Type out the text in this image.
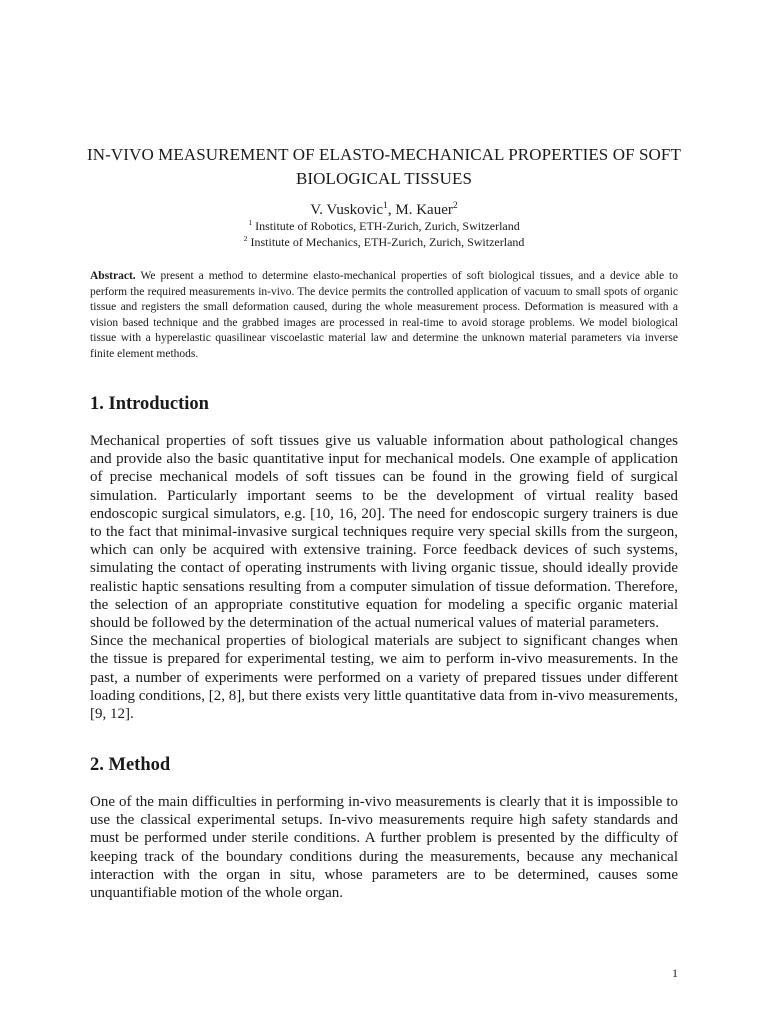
IN-VIVO MEASUREMENT OF ELASTO-MECHANICAL PROPERTIES OF SOFT BIOLOGICAL TISSUES
V. Vuskovic$^1$, M. Kauer$^2$
$^1$ Institute of Robotics, ETH-Zurich, Zurich, Switzerland
$^2$ Institute of Mechanics, ETH-Zurich, Zurich, Switzerland
Abstract. We present a method to determine elasto-mechanical properties of soft biological tissues, and a device able to perform the required measurements in-vivo. The device permits the controlled application of vacuum to small spots of organic tissue and registers the small deformation caused, during the whole measurement process. Deformation is measured with a vision based technique and the grabbed images are processed in real-time to avoid storage problems. We model biological tissue with a hyperelastic quasilinear viscoelastic material law and determine the unknown material parameters via inverse finite element methods.
1. Introduction
Mechanical properties of soft tissues give us valuable information about pathological changes and provide also the basic quantitative input for mechanical models. One example of application of precise mechanical models of soft tissues can be found in the growing field of surgical simulation. Particularly important seems to be the development of virtual reality based endoscopic surgical simulators, e.g. [10, 16, 20]. The need for endoscopic surgery trainers is due to the fact that minimal-invasive surgical techniques require very special skills from the surgeon, which can only be acquired with extensive training. Force feedback devices of such systems, simulating the contact of operating instruments with living organic tissue, should ideally provide realistic haptic sensations resulting from a computer simulation of tissue deformation. Therefore, the selection of an appropriate constitutive equation for modeling a specific organic material should be followed by the determination of the actual numerical values of material parameters.
Since the mechanical properties of biological materials are subject to significant changes when the tissue is prepared for experimental testing, we aim to perform in-vivo measurements. In the past, a number of experiments were performed on a variety of prepared tissues under different loading conditions, [2, 8], but there exists very little quantitative data from in-vivo measurements, [9, 12].
2. Method
One of the main difficulties in performing in-vivo measurements is clearly that it is impossible to use the classical experimental setups. In-vivo measurements require high safety standards and must be performed under sterile conditions. A further problem is presented by the difficulty of keeping track of the boundary conditions during the measurements, because any mechanical interaction with the organ in situ, whose parameters are to be determined, causes some unquantifiable motion of the whole organ.
1
